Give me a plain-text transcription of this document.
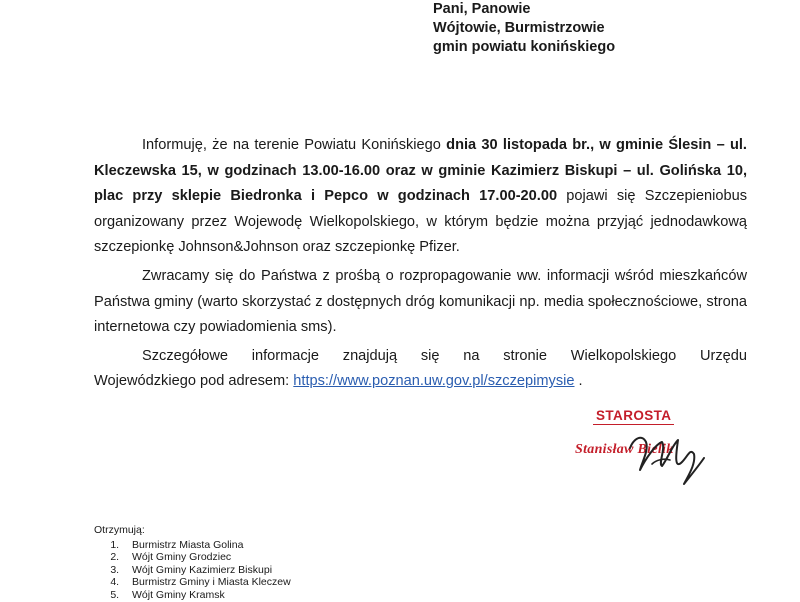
Pani, Panowie
Wójtowie, Burmistrzowie
gmin powiatu konińskiego

Informuję, że na terenie Powiatu Konińskiego dnia 30 listopada br., w gminie Ślesin – ul. Kleczewska 15, w godzinach 13.00-16.00 oraz w gminie Kazimierz Biskupi – ul. Golińska 10, plac przy sklepie Biedronka i Pepco w godzinach 17.00-20.00 pojawi się Szczepieniobus organizowany przez Wojewodę Wielkopolskiego, w którym będzie można przyjąć jednodawkową szczepionkę Johnson&Johnson oraz szczepionkę Pfizer.

Zwracamy się do Państwa z prośbą o rozpropagowanie ww. informacji wśród mieszkańców Państwa gminy (warto skorzystać z dostępnych dróg komunikacji np. media społecznościowe, strona internetowa czy powiadomienia sms).

Szczegółowe informacje znajdują się na stronie Wielkopolskiego Urzędu

Wojewódzkiego pod adresem: https://www.poznan.uw.gov.pl/szczepimysie .

STAROSTA
Stanisław Bielik
Otrzymują:
1. Burmistrz Miasta Golina
2. Wójt Gminy Grodziec
3. Wójt Gminy Kazimierz Biskupi
4. Burmistrz Gminy i Miasta Kleczew
5. Wójt Gminy Kramsk
